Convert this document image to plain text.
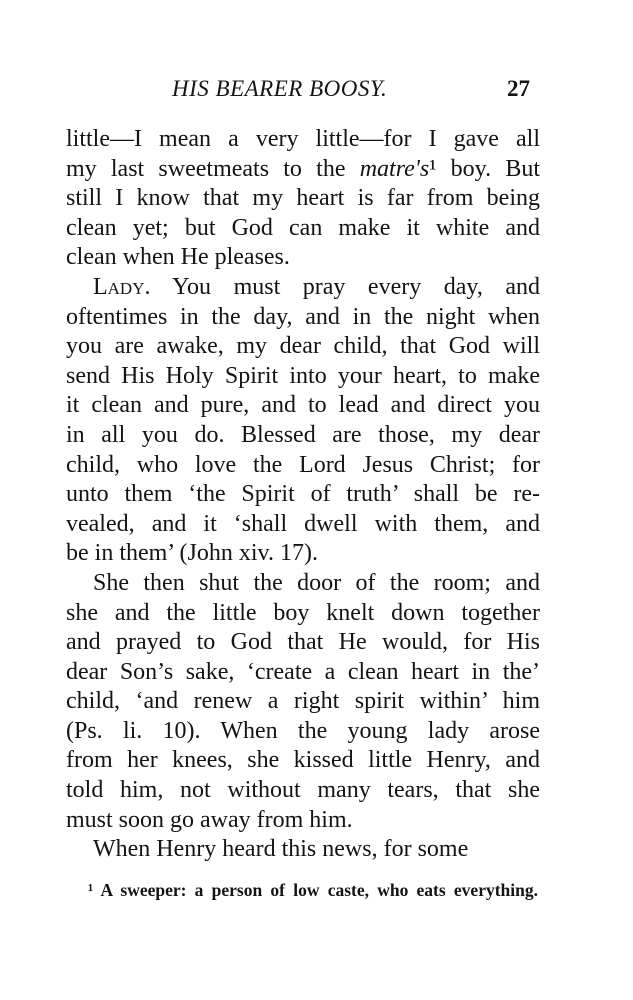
HIS BEARER BOOSY.	27
little—I mean a very little—for I gave all
my last sweetmeats to the matre's¹ boy. But
still I know that my heart is far from being
clean yet; but God can make it white and
clean when He pleases.
Lady. You must pray every day, and
oftentimes in the day, and in the night when
you are awake, my dear child, that God will
send His Holy Spirit into your heart, to make
it clean and pure, and to lead and direct you
in all you do. Blessed are those, my dear
child, who love the Lord Jesus Christ; for
unto them ‘the Spirit of truth’ shall be re-
vealed, and it ‘shall dwell with them, and
be in them’ (John xiv. 17).
She then shut the door of the room; and
she and the little boy knelt down together
and prayed to God that He would, for His
dear Son’s sake, ‘create a clean heart in the’
child, ‘and renew a right spirit within’ him
(Ps. li. 10). When the young lady arose
from her knees, she kissed little Henry, and
told him, not without many tears, that she
must soon go away from him.
When Henry heard this news, for some
¹ A sweeper: a person of low caste, who eats everything.
